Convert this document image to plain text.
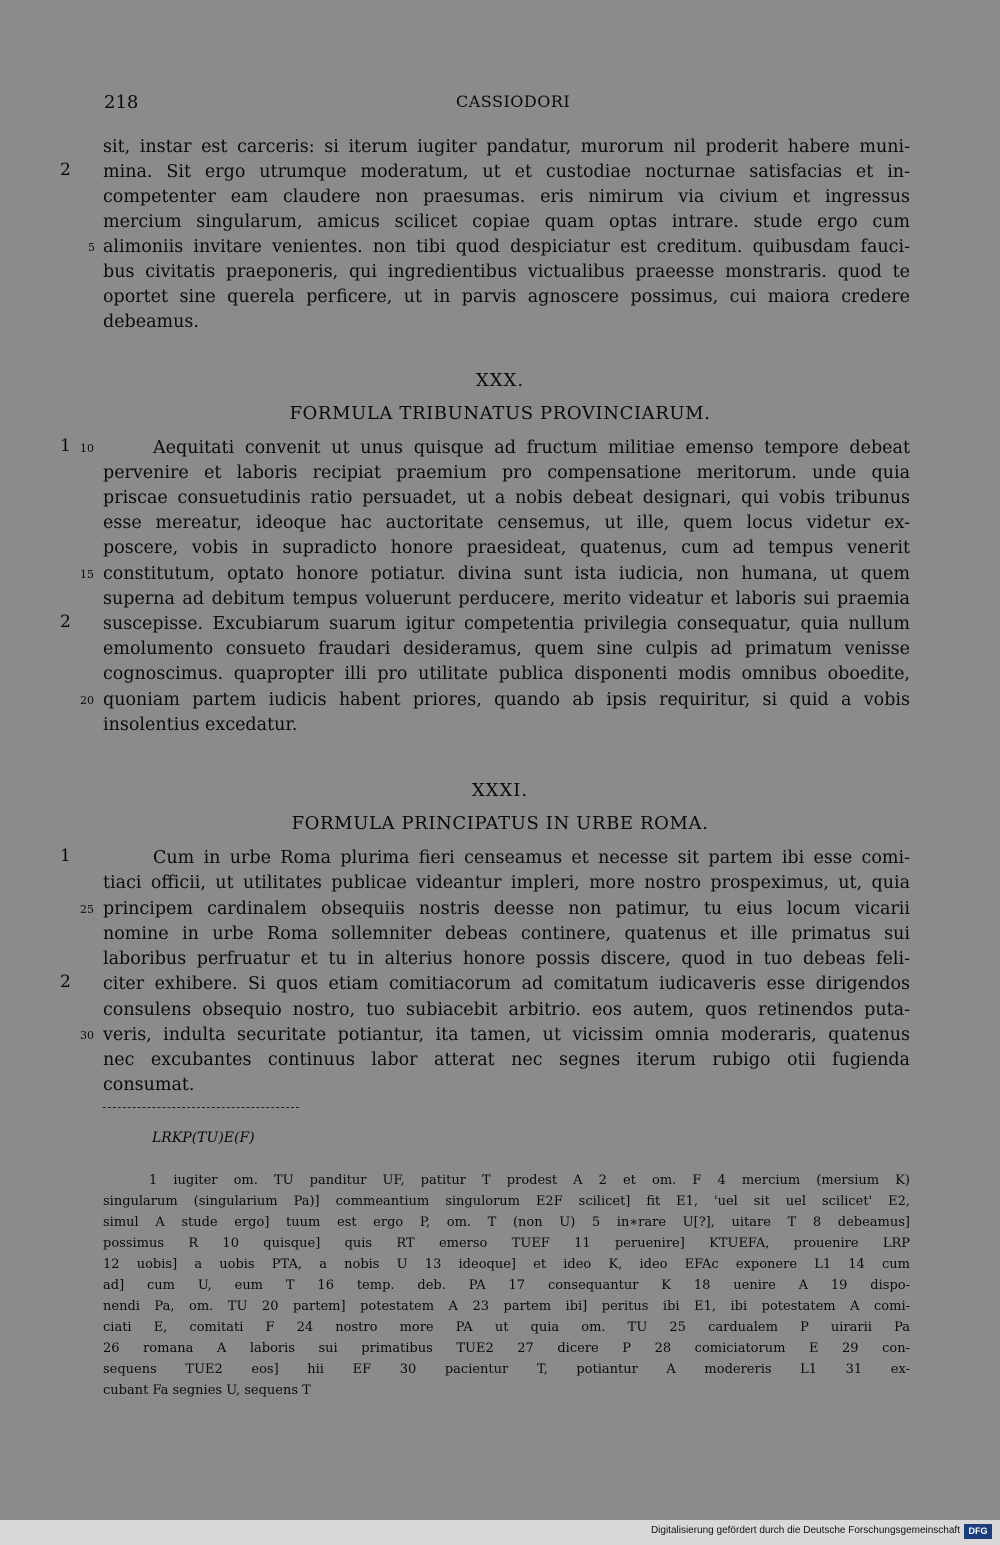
218	CASSIODORI
sit, instar est carceris: si iterum iugiter pandatur, murorum nil proderit habere muni-
mina. Sit ergo utrumque moderatum, ut et custodiae nocturnae satisfacias et in-
competenter eam claudere non praesumas. eris nimirum via civium et ingressus
mercium singularum, amicus scilicet copiae quam optas intrare. stude ergo cum
alimoniis invitare venientes. non tibi quod despiciatur est creditum. quibusdam fauci-
bus civitatis praeponeris, qui ingredientibus victualibus praeesse monstraris. quod te
oportet sine querela perficere, ut in parvis agnoscere possimus, cui maiora credere
debeamus.
2
5
XXX.
FORMULA TRIBUNATUS PROVINCIARUM.
Aequitati convenit ut unus quisque ad fructum militiae emenso tempore debeat
pervenire et laboris recipiat praemium pro compensatione meritorum. unde quia
priscae consuetudinis ratio persuadet, ut a nobis debeat designari, qui vobis tribunus
esse mereatur, ideoque hac auctoritate censemus, ut ille, quem locus videtur ex-
poscere, vobis in supradicto honore praesideat, quatenus, cum ad tempus venerit
constitutum, optato honore potiatur. divina sunt ista iudicia, non humana, ut quem
superna ad debitum tempus voluerunt perducere, merito videatur et laboris sui praemia
suscepisse. Excubiarum suarum igitur competentia privilegia consequatur, quia nullum
emolumento consueto fraudari desideramus, quem sine culpis ad primatum venisse
cognoscimus. quapropter illi pro utilitate publica disponenti modis omnibus oboedite,
quoniam partem iudicis habent priores, quando ab ipsis requiritur, si quid a vobis
insolentius excedatur.
1 10
15
2
20
XXXI.
FORMULA PRINCIPATUS IN URBE ROMA.
Cum in urbe Roma plurima fieri censeamus et necesse sit partem ibi esse comi-
tiaci officii, ut utilitates publicae videantur impleri, more nostro prospeximus, ut, quia
principem cardinalem obsequiis nostris deesse non patimur, tu eius locum vicarii
nomine in urbe Roma sollemniter debeas continere, quatenus et ille primatus sui
laboribus perfruatur et tu in alterius honore possis discere, quod in tuo debeas feli-
citer exhibere. Si quos etiam comitiacorum ad comitatum iudicaveris esse dirigendos
consulens obsequio nostro, tuo subiacebit arbitrio. eos autem, quos retinendos puta-
veris, indulta securitate potiantur, ita tamen, ut vicissim omnia moderaris, quatenus
nec excubantes continuus labor atterat nec segnes iterum rubigo otii fugienda
consumat.
1
25
2
30
LRKP(TU)E(F)
1 iugiter om. TU panditur UF, patitur T prodest A 2 et om. F 4 mercium (mersium K)
singularum (singularium Pa)] commeantium singulorum E2F scilicet] fit E1, 'uel sit uel scilicet' E2,
simul A stude ergo] tuum est ergo P, om. T (non U) 5 in∗rare U[?], uitare T 8 debeamus]
possimus R 10 quisque] quis RT emerso TUEF 11 peruenire] KTUEFA, prouenire LRP
12 uobis] a uobis PTA, a nobis U 13 ideoque] et ideo K, ideo EFAc exponere L1 14 cum
ad] cum U, eum T 16 temp. deb. PA 17 consequantur K 18 uenire A 19 dispo-
nendi Pa, om. TU 20 partem] potestatem A 23 partem ibi] peritus ibi E1, ibi potestatem A comi-
ciati E, comitati F 24 nostro more PA ut quia om. TU 25 cardualem P uirarii Pa
26 romana A laboris sui primatibus TUE2 27 dicere P 28 comiciatorum E 29 con-
sequens TUE2 eos] hii EF 30 pacientur T, potiantur A modereris L1 31 ex-
cubant Fa segnies U, sequens T
Digitalisierung gefördert durch die Deutsche Forschungsgemeinschaft DFG
